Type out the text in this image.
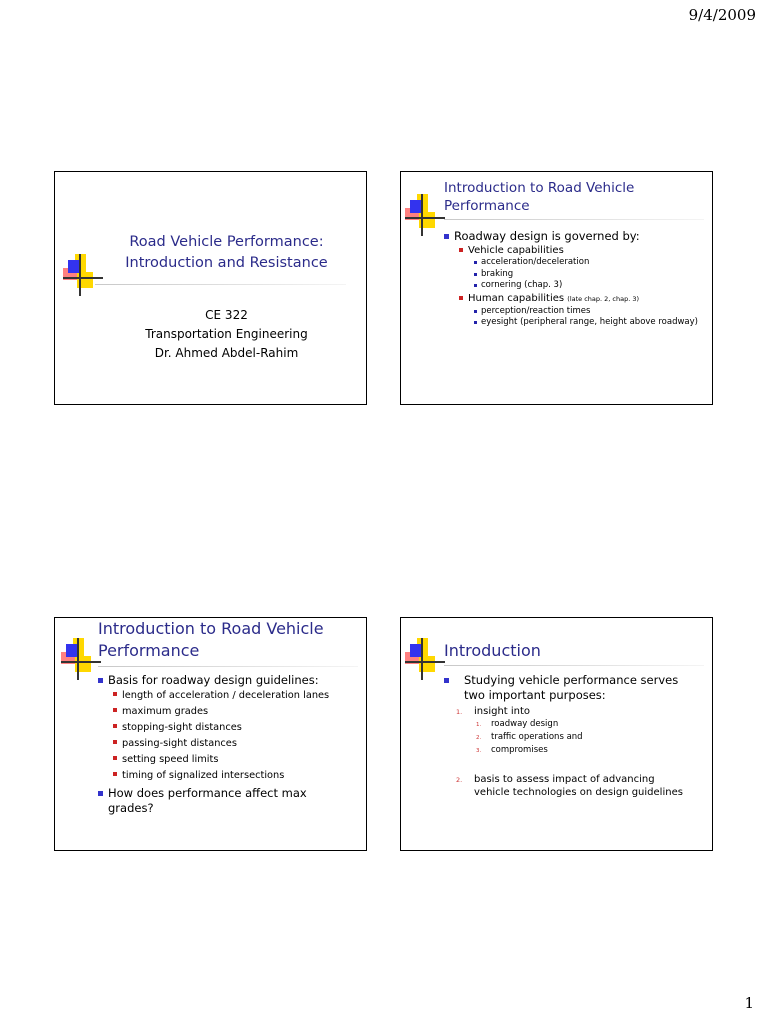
9/4/2009
Road Vehicle Performance:
Introduction and Resistance
CE 322
Transportation Engineering
Dr. Ahmed Abdel-Rahim
Introduction to Road Vehicle
Performance
Roadway design is governed by:
Vehicle capabilities
acceleration/deceleration
braking
cornering (chap. 3)
Human capabilities (late chap. 2, chap. 3)
perception/reaction times
eyesight (peripheral range, height above roadway)
Introduction to Road Vehicle
Performance
Basis for roadway design guidelines:
length of acceleration / deceleration lanes
maximum grades
stopping-sight distances
passing-sight distances
setting speed limits
timing of signalized intersections
How does performance affect max
grades?
Introduction
Studying vehicle performance serves
two important purposes:
1. insight into
1. roadway design
2. traffic operations and
3. compromises
2. basis to assess impact of advancing
vehicle technologies on design guidelines
1
